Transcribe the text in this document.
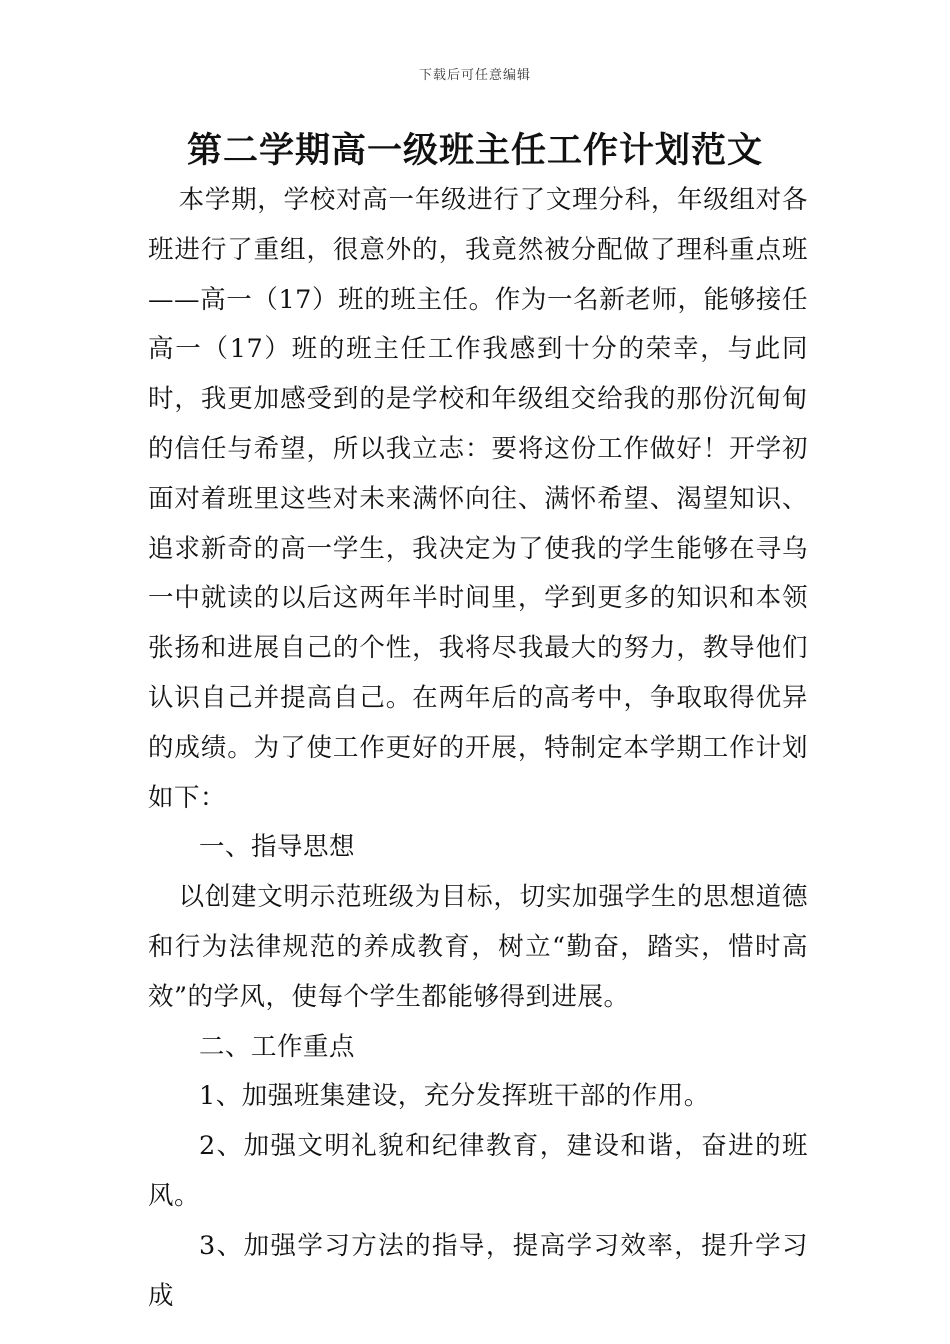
下载后可任意编辑
第二学期高一级班主任工作计划范文

本学期，学校对高一年级进行了文理分科，年级组对各班进行了重组，很意外的，我竟然被分配做了理科重点班——高一（17）班的班主任。作为一名新老师，能够接任高一（17）班的班主任工作我感到十分的荣幸，与此同时，我更加感受到的是学校和年级组交给我的那份沉甸甸的信任与希望，所以我立志：要将这份工作做好！开学初面对着班里这些对未来满怀向往、满怀希望、渴望知识、追求新奇的高一学生，我决定为了使我的学生能够在寻乌一中就读的以后这两年半时间里，学到更多的知识和本领张扬和进展自己的个性，我将尽我最大的努力，教导他们认识自己并提高自己。在两年后的高考中，争取取得优异的成绩。为了使工作更好的开展，特制定本学期工作计划如下：

一、指导思想

以创建文明示范班级为目标，切实加强学生的思想道德和行为法律规范的养成教育，树立“勤奋，踏实，惜时高效”的学风，使每个学生都能够得到进展。

二、工作重点

1、加强班集建设，充分发挥班干部的作用。

2、加强文明礼貌和纪律教育，建设和谐，奋进的班风。

3、加强学习方法的指导，提高学习效率，提升学习成
